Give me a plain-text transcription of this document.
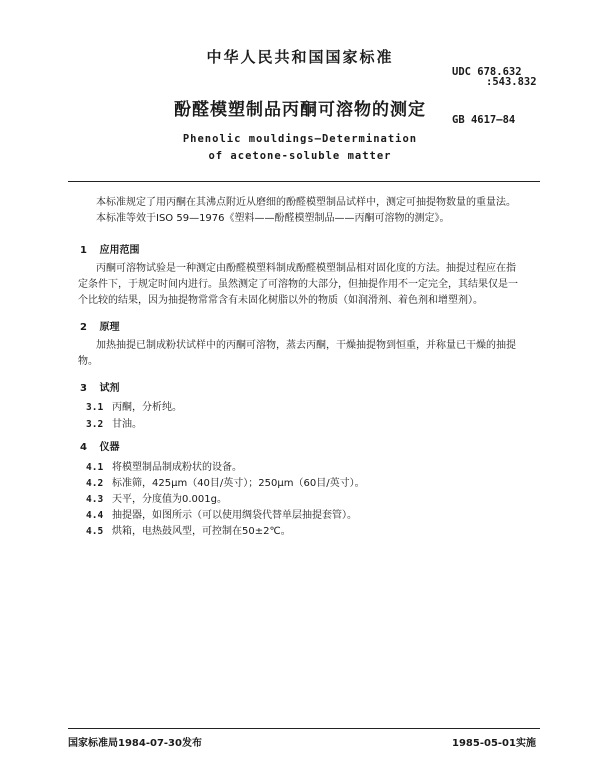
中华人民共和国国家标准
UDC 678.632
:543.832
酚醛模塑制品丙酮可溶物的测定	GB 4617—84
Phenolic mouldings—Determination
of acetone-soluble matter
本标准规定了用丙酮在其沸点附近从磨细的酚醛模塑制品试样中，测定可抽提物数量的重量法。
本标准等效于ISO 59—1976《塑料——酚醛模塑制品——丙酮可溶物的测定》。
1 应用范围
丙酮可溶物试验是一种测定由酚醛模塑料制成酚醛模塑制品相对固化度的方法。抽提过程应在指
定条件下，于规定时间内进行。虽然测定了可溶物的大部分，但抽提作用不一定完全，其结果仅是一
个比较的结果，因为抽提物常常含有未固化树脂以外的物质（如润滑剂、着色剂和增塑剂）。
2 原理
加热抽提已制成粉状试样中的丙酮可溶物，蒸去丙酮，干燥抽提物到恒重，并称量已干燥的抽提
物。
3 试剂
3.1 丙酮，分析纯。
3.2 甘油。
4 仪器
4.1 将模塑制品制成粉状的设备。
4.2 标准筛，425μm（40目/英寸）；250μm（60目/英寸）。
4.3 天平，分度值为0.001g。
4.4 抽提器，如图所示（可以使用绸袋代替单层抽提套管）。
4.5 烘箱，电热鼓风型，可控制在50±2℃。
国家标准局1984-07-30发布	1985-05-01实施
